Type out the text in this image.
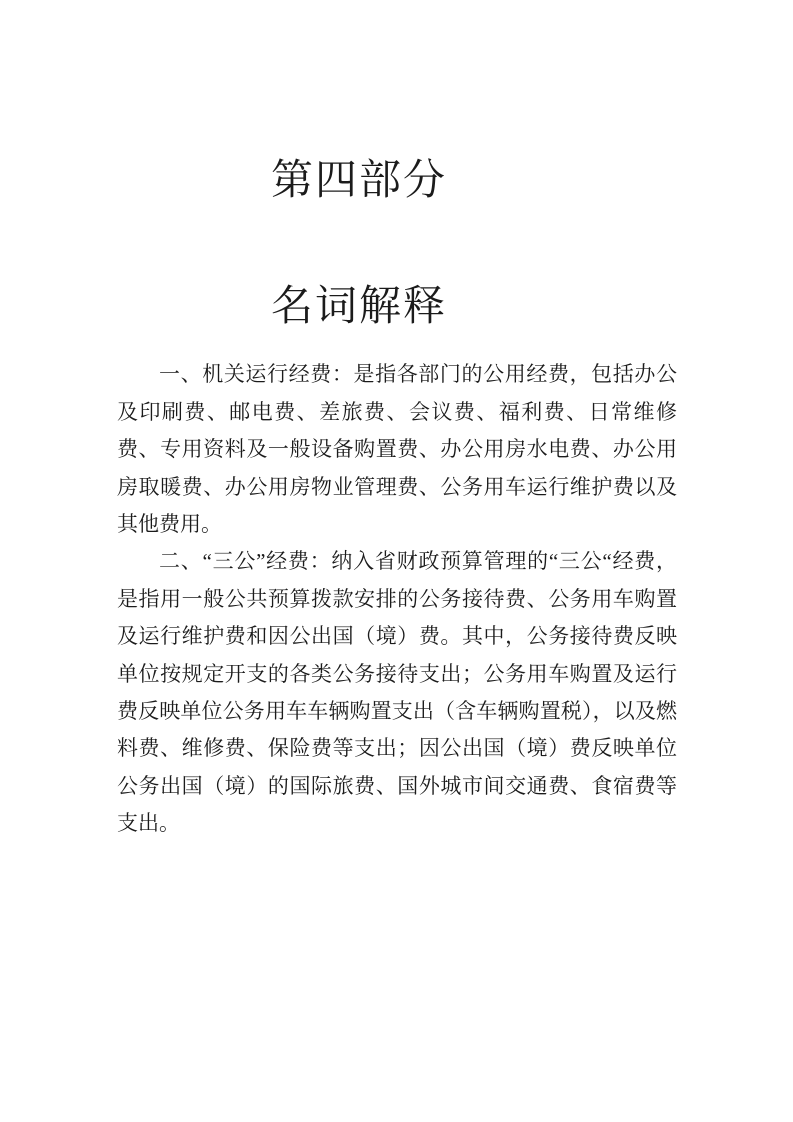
第四部分
名词解释

一、机关运行经费：是指各部门的公用经费，包括办公及印刷费、邮电费、差旅费、会议费、福利费、日常维修费、专用资料及一般设备购置费、办公用房水电费、办公用房取暖费、办公用房物业管理费、公务用车运行维护费以及其他费用。

二、“三公”经费：纳入省财政预算管理的“三公“经费，是指用一般公共预算拨款安排的公务接待费、公务用车购置及运行维护费和因公出国（境）费。其中，公务接待费反映单位按规定开支的各类公务接待支出；公务用车购置及运行费反映单位公务用车车辆购置支出（含车辆购置税），以及燃料费、维修费、保险费等支出；因公出国（境）费反映单位公务出国（境）的国际旅费、国外城市间交通费、食宿费等支出。
